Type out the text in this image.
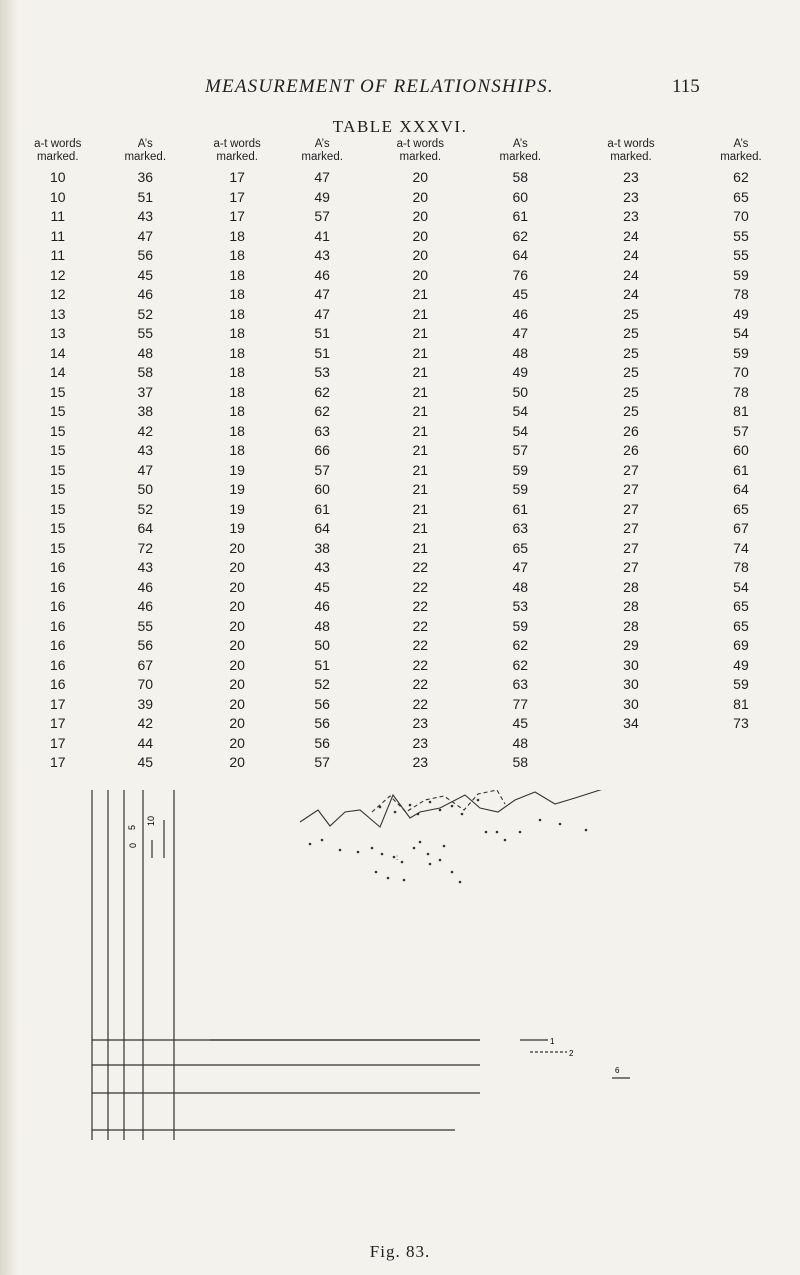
MEASUREMENT OF RELATIONSHIPS.	115
TABLE XXXVI.
a-t words
marked.
10
10
11
11
11
12
12
13
13
14
14
15
15
15
15
15
15
15
15
15
16
16
16
16
16
16
16
17
17
17
17
A’s
marked.
36
51
43
47
56
45
46
52
55
48
58
37
38
42
43
47
50
52
64
72
43
46
46
55
56
67
70
39
42
44
45
a-t words
marked.
17
17
17
18
18
18
18
18
18
18
18
18
18
18
18
19
19
19
19
20
20
20
20
20
20
20
20
20
20
20
20
A’s
marked.
47
49
57
41
43
46
47
47
51
51
53
62
62
63
66
57
60
61
64
38
43
45
46
48
50
51
52
56
56
56
57
a-t words
marked.
20
20
20
20
20
20
21
21
21
21
21
21
21
21
21
21
21
21
21
21
22
22
22
22
22
22
22
22
23
23
23
A’s
marked.
58
60
61
62
64
76
45
46
47
48
49
50
54
54
57
59
59
61
63
65
47
48
53
59
62
62
63
77
45
48
58
a-t words
marked.
23
23
23
24
24
24
24
25
25
25
25
25
25
26
26
27
27
27
27
27
27
28
28
28
29
30
30
30
34
A’s
marked.
62
65
70
55
55
59
78
49
54
59
70
78
81
57
60
61
64
65
67
74
78
54
65
65
69
49
59
81
73
10
5
0
1
2
6
:
Fig. 83.
